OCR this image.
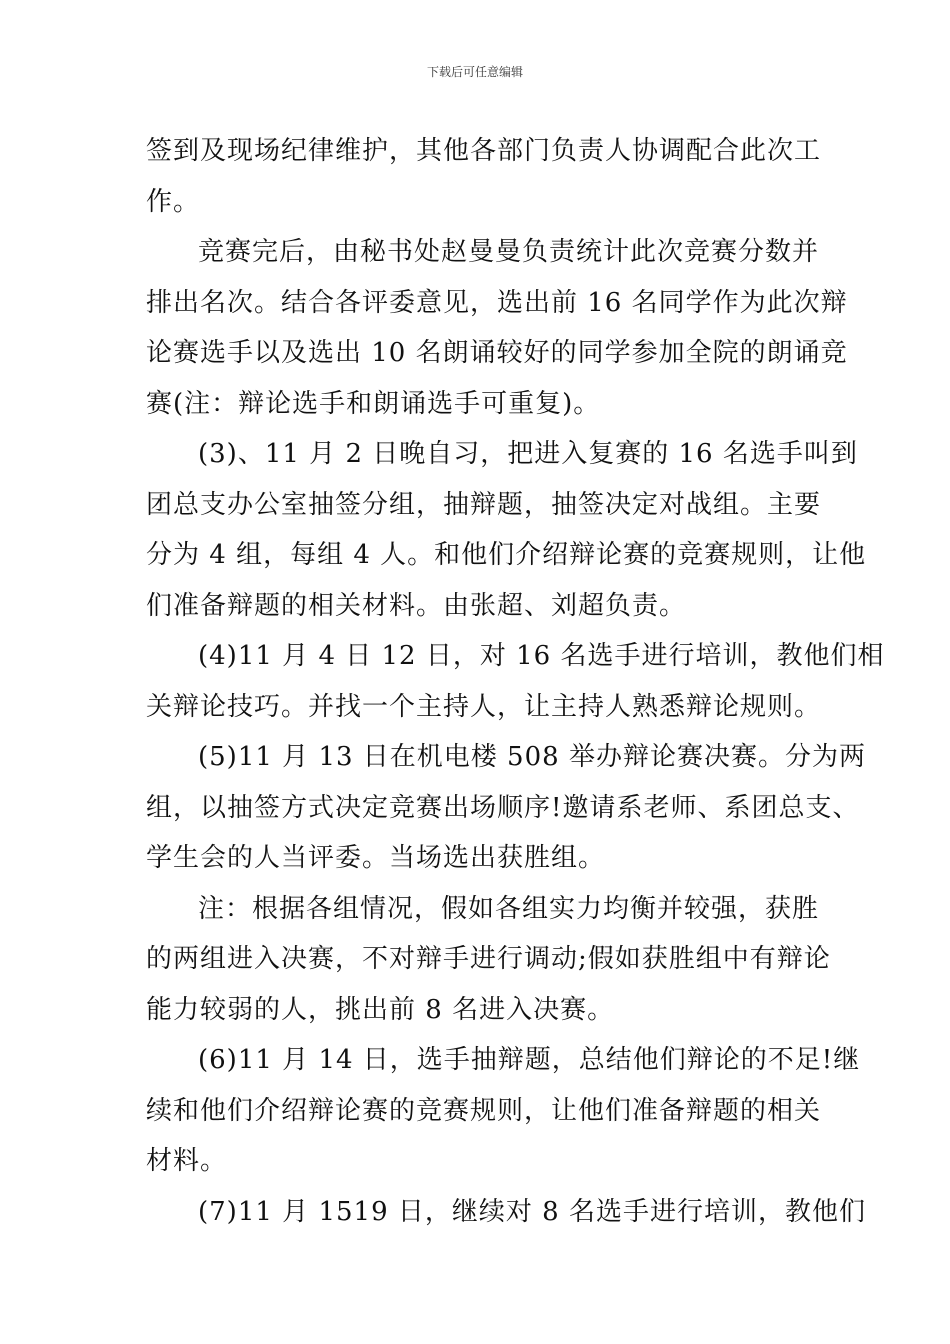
下载后可任意编辑
签到及现场纪律维护，其他各部门负责人协调配合此次工
作。
竞赛完后，由秘书处赵曼曼负责统计此次竞赛分数并
排出名次。结合各评委意见，选出前 16 名同学作为此次辩
论赛选手以及选出 10 名朗诵较好的同学参加全院的朗诵竞
赛(注：辩论选手和朗诵选手可重复)。
(3)、11 月 2 日晚自习，把进入复赛的 16 名选手叫到
团总支办公室抽签分组，抽辩题，抽签决定对战组。主要
分为 4 组，每组 4 人。和他们介绍辩论赛的竞赛规则，让他
们准备辩题的相关材料。由张超、刘超负责。
(4)11 月 4 日 12 日，对 16 名选手进行培训，教他们相
关辩论技巧。并找一个主持人，让主持人熟悉辩论规则。
(5)11 月 13 日在机电楼 508 举办辩论赛决赛。分为两
组，以抽签方式决定竞赛出场顺序!邀请系老师、系团总支、
学生会的人当评委。当场选出获胜组。
注：根据各组情况，假如各组实力均衡并较强，获胜
的两组进入决赛，不对辩手进行调动;假如获胜组中有辩论
能力较弱的人，挑出前 8 名进入决赛。
(6)11 月 14 日，选手抽辩题，总结他们辩论的不足!继
续和他们介绍辩论赛的竞赛规则，让他们准备辩题的相关
材料。
(7)11 月 1519 日，继续对 8 名选手进行培训，教他们
